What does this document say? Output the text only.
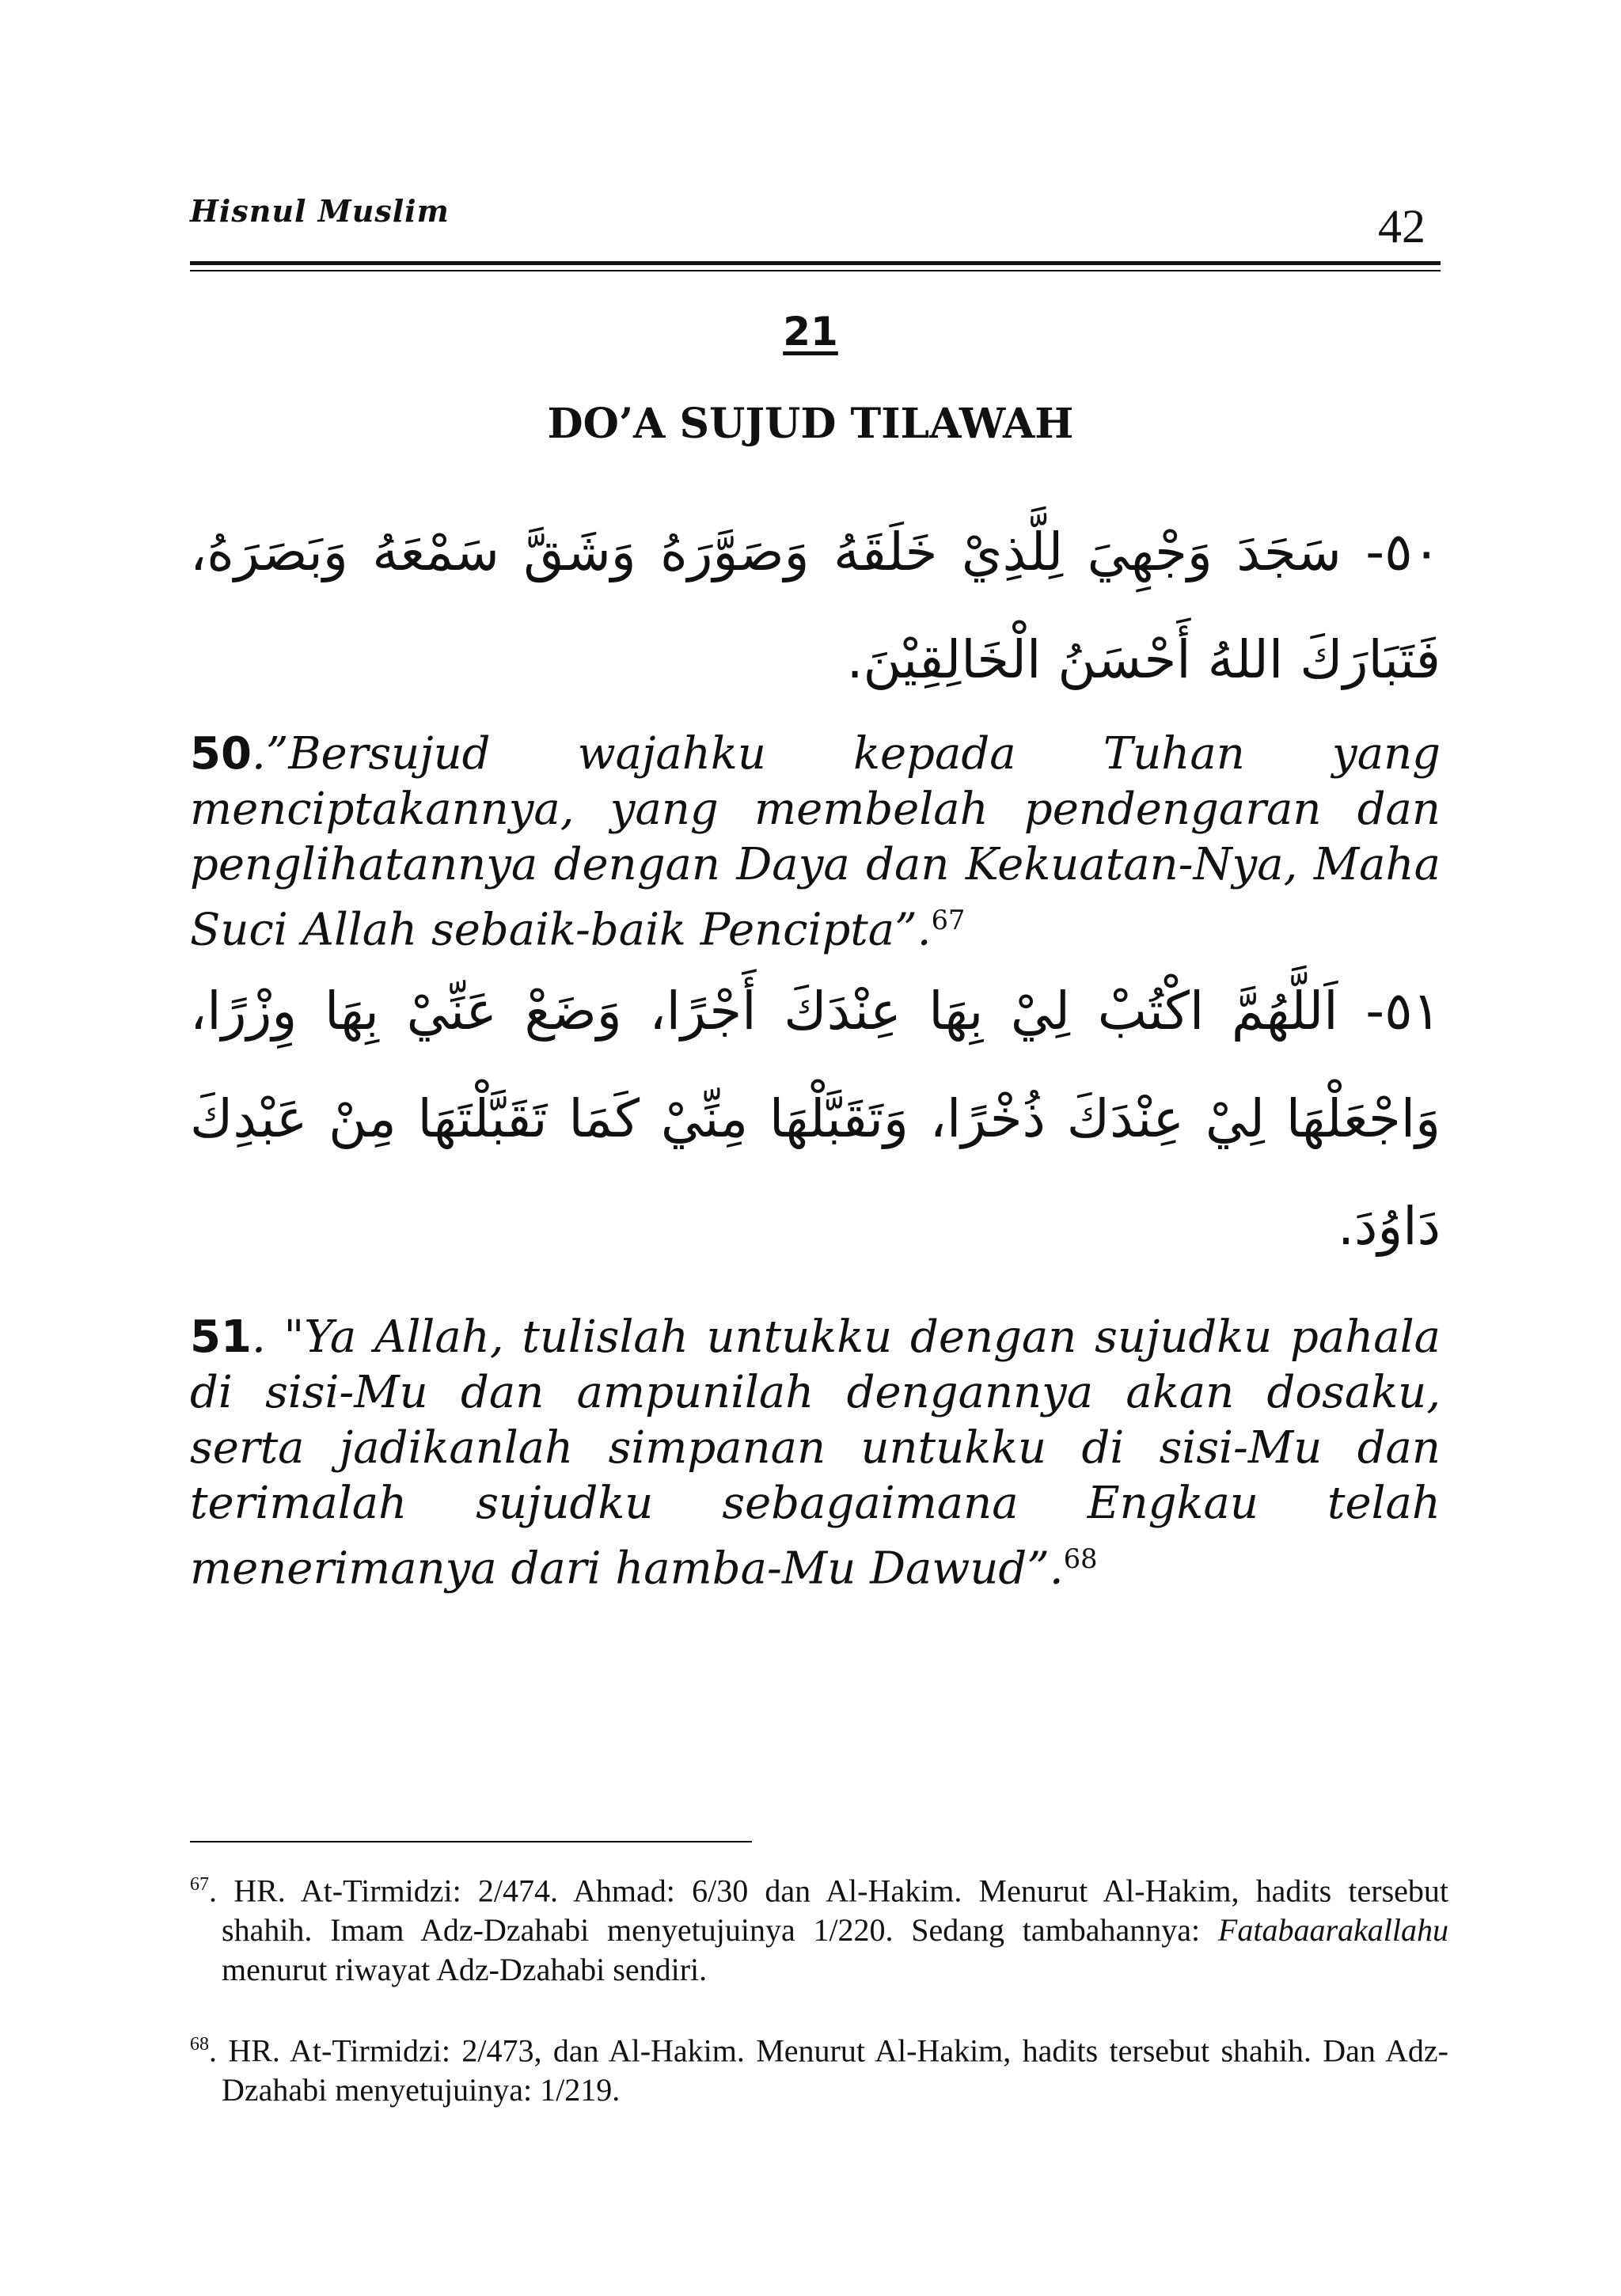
Hisnul Muslim	42
21
DO’A SUJUD TILAWAH
٥٠- سَجَدَ وَجْهِيَ لِلَّذِيْ خَلَقَهُ وَصَوَّرَهُ وَشَقَّ سَمْعَهُ وَبَصَرَهُ، فَتَبَارَكَ اللهُ أَحْسَنُ الْخَالِقِيْنَ.
50.”Bersujud wajahku kepada Tuhan yang menciptakannya, yang membelah pendengaran dan penglihatannya dengan Daya dan Kekuatan-Nya, Maha Suci Allah sebaik-baik Pencipta”.$^{67}$
٥١- اَللَّهُمَّ اكْتُبْ لِيْ بِهَا عِنْدَكَ أَجْرًا، وَضَعْ عَنِّيْ بِهَا وِزْرًا، وَاجْعَلْهَا لِيْ عِنْدَكَ ذُخْرًا، وَتَقَبَّلْهَا مِنِّيْ كَمَا تَقَبَّلْتَهَا مِنْ عَبْدِكَ دَاوُدَ.
51. "Ya Allah, tulislah untukku dengan sujudku pahala di sisi-Mu dan ampunilah dengannya akan dosaku, serta jadikanlah simpanan untukku di sisi-Mu dan terimalah sujudku sebagaimana Engkau telah menerimanya dari hamba-Mu Dawud”.$^{68}$
$^{67}$. HR. At-Tirmidzi: 2/474. Ahmad: 6/30 dan Al-Hakim. Menurut Al-Hakim, hadits tersebut shahih. Imam Adz-Dzahabi menyetujuinya 1/220. Sedang tambahannya: Fatabaarakallahu menurut riwayat Adz-Dzahabi sendiri.
$^{68}$. HR. At-Tirmidzi: 2/473, dan Al-Hakim. Menurut Al-Hakim, hadits tersebut shahih. Dan Adz-Dzahabi menyetujuinya: 1/219.
